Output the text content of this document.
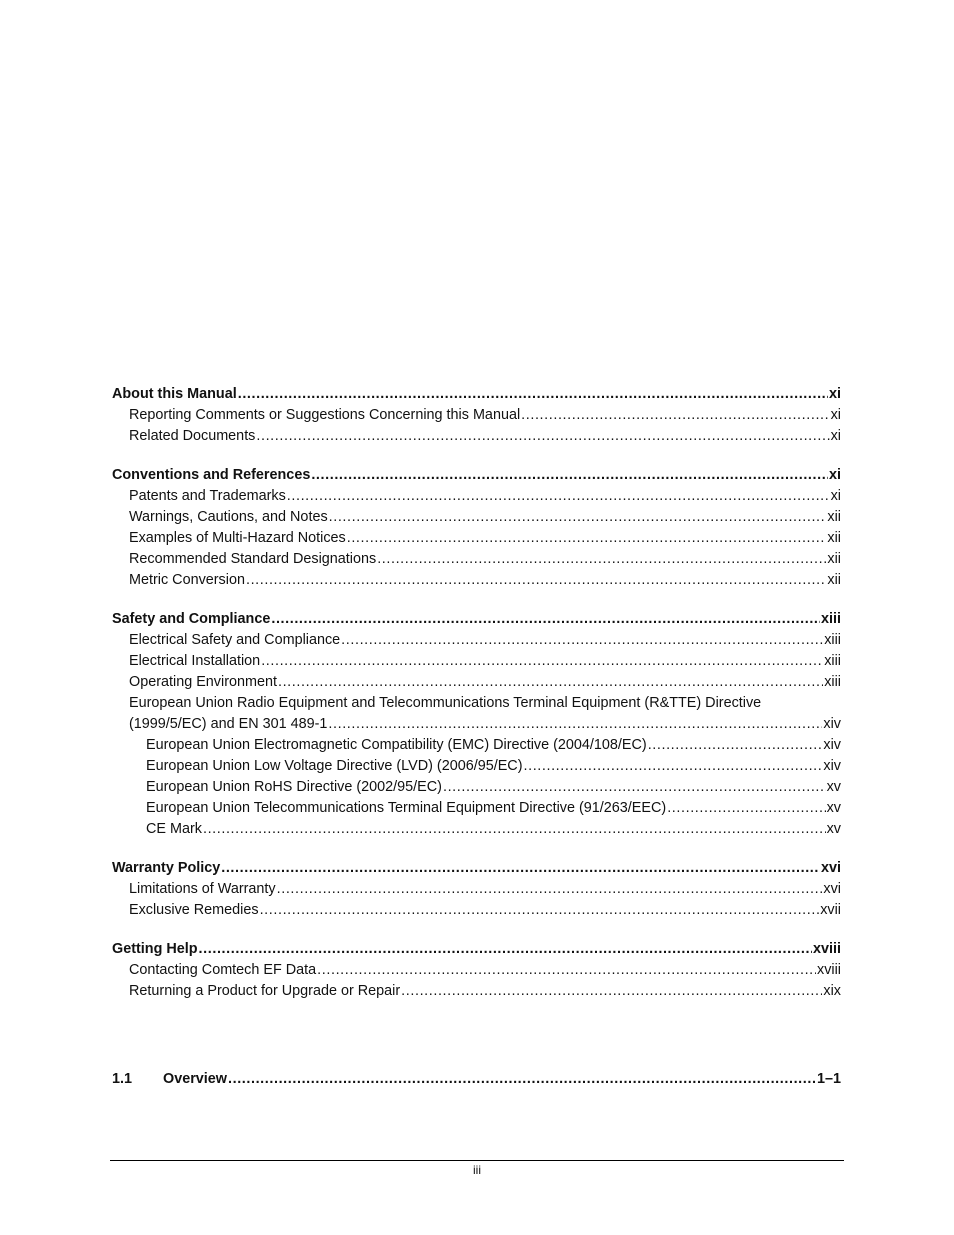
About this Manual .....	xi
Reporting Comments or Suggestions Concerning this Manual .....	xi
Related Documents .....	xi
Conventions and References .....	xi
Patents and Trademarks .....	xi
Warnings, Cautions, and Notes .....	xii
Examples of Multi-Hazard Notices .....	xii
Recommended Standard Designations .....	xii
Metric Conversion .....	xii
Safety and Compliance .....	xiii
Electrical Safety and Compliance .....	xiii
Electrical Installation .....	xiii
Operating Environment .....	xiii
European Union Radio Equipment and Telecommunications Terminal Equipment (R&TTE) Directive
(1999/5/EC) and EN 301 489-1 .....	xiv
European Union Electromagnetic Compatibility (EMC) Directive (2004/108/EC) .....	xiv
European Union Low Voltage Directive (LVD) (2006/95/EC) .....	xiv
European Union RoHS Directive (2002/95/EC) .....	xv
European Union Telecommunications Terminal Equipment Directive (91/263/EEC) .....	xv
CE Mark .....	xv
Warranty Policy .....	xvi
Limitations of Warranty .....	xvi
Exclusive Remedies .....	xvii
Getting Help .....	xviii
Contacting Comtech EF Data .....	xviii
Returning a Product for Upgrade or Repair .....	xix
1.1	Overview .....	1–1
iii
